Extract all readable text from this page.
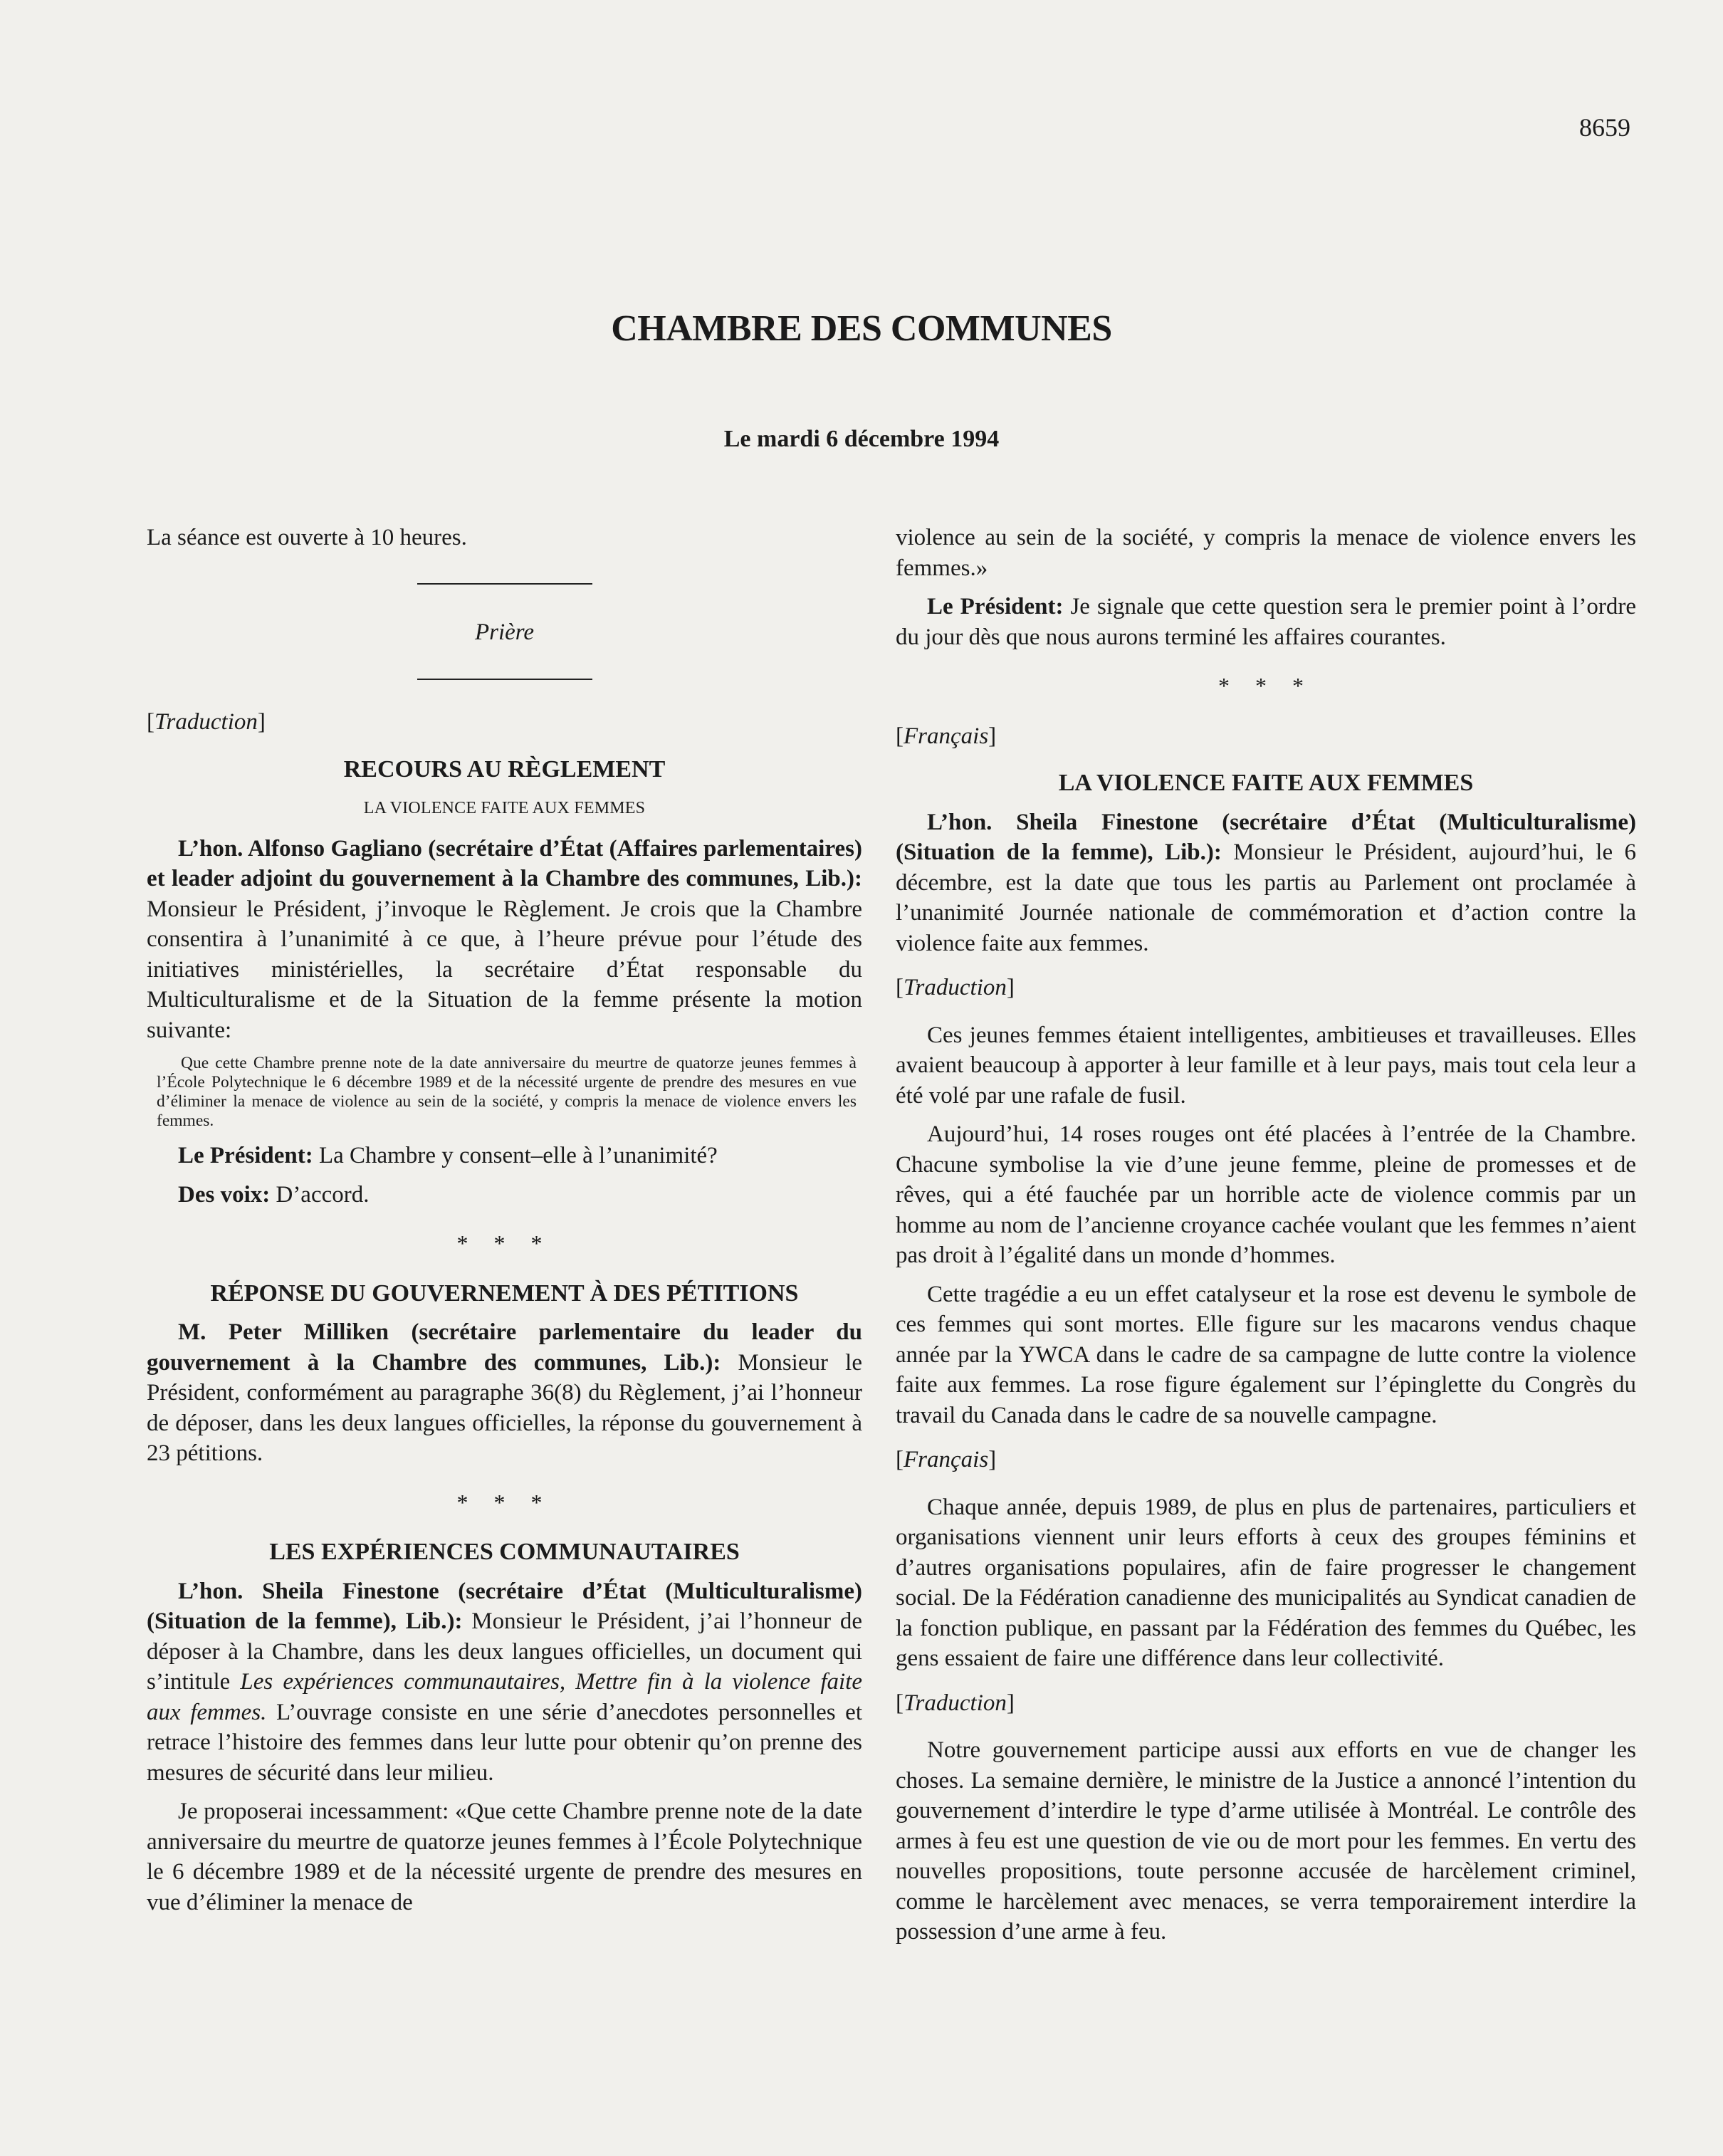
8659
CHAMBRE DES COMMUNES
Le mardi 6 décembre 1994

La séance est ouverte à 10 heures.

Prière

[Traduction]

RECOURS AU RÈGLEMENT
LA VIOLENCE FAITE AUX FEMMES

L’hon. Alfonso Gagliano (secrétaire d’État (Affaires parlementaires) et leader adjoint du gouvernement à la Chambre des communes, Lib.): Monsieur le Président, j’invoque le Règlement. Je crois que la Chambre consentira à l’unanimité à ce que, à l’heure prévue pour l’étude des initiatives ministérielles, la secrétaire d’État responsable du Multiculturalisme et de la Situation de la femme présente la motion suivante:

Que cette Chambre prenne note de la date anniversaire du meurtre de quatorze jeunes femmes à l’École Polytechnique le 6 décembre 1989 et de la nécessité urgente de prendre des mesures en vue d’éliminer la menace de violence au sein de la société, y compris la menace de violence envers les femmes.

Le Président: La Chambre y consent–elle à l’unanimité?

Des voix: D’accord.

* * *
RÉPONSE DU GOUVERNEMENT À DES PÉTITIONS

M. Peter Milliken (secrétaire parlementaire du leader du gouvernement à la Chambre des communes, Lib.): Monsieur le Président, conformément au paragraphe 36(8) du Règlement, j’ai l’honneur de déposer, dans les deux langues officielles, la réponse du gouvernement à 23 pétitions.

* * *
LES EXPÉRIENCES COMMUNAUTAIRES

L’hon. Sheila Finestone (secrétaire d’État (Multiculturalisme) (Situation de la femme), Lib.): Monsieur le Président, j’ai l’honneur de déposer à la Chambre, dans les deux langues officielles, un document qui s’intitule Les expériences communautaires, Mettre fin à la violence faite aux femmes. L’ouvrage consiste en une série d’anecdotes personnelles et retrace l’histoire des femmes dans leur lutte pour obtenir qu’on prenne des mesures de sécurité dans leur milieu.

Je proposerai incessamment: «Que cette Chambre prenne note de la date anniversaire du meurtre de quatorze jeunes femmes à l’École Polytechnique le 6 décembre 1989 et de la nécessité urgente de prendre des mesures en vue d’éliminer la menace de

violence au sein de la société, y compris la menace de violence envers les femmes.»

Le Président: Je signale que cette question sera le premier point à l’ordre du jour dès que nous aurons terminé les affaires courantes.

* * *

[Français]

LA VIOLENCE FAITE AUX FEMMES

L’hon. Sheila Finestone (secrétaire d’État (Multiculturalisme) (Situation de la femme), Lib.): Monsieur le Président, aujourd’hui, le 6 décembre, est la date que tous les partis au Parlement ont proclamée à l’unanimité Journée nationale de commémoration et d’action contre la violence faite aux femmes.

[Traduction]

Ces jeunes femmes étaient intelligentes, ambitieuses et travailleuses. Elles avaient beaucoup à apporter à leur famille et à leur pays, mais tout cela leur a été volé par une rafale de fusil.

Aujourd’hui, 14 roses rouges ont été placées à l’entrée de la Chambre. Chacune symbolise la vie d’une jeune femme, pleine de promesses et de rêves, qui a été fauchée par un horrible acte de violence commis par un homme au nom de l’ancienne croyance cachée voulant que les femmes n’aient pas droit à l’égalité dans un monde d’hommes.

Cette tragédie a eu un effet catalyseur et la rose est devenu le symbole de ces femmes qui sont mortes. Elle figure sur les macarons vendus chaque année par la YWCA dans le cadre de sa campagne de lutte contre la violence faite aux femmes. La rose figure également sur l’épinglette du Congrès du travail du Canada dans le cadre de sa nouvelle campagne.

[Français]

Chaque année, depuis 1989, de plus en plus de partenaires, particuliers et organisations viennent unir leurs efforts à ceux des groupes féminins et d’autres organisations populaires, afin de faire progresser le changement social. De la Fédération canadienne des municipalités au Syndicat canadien de la fonction publique, en passant par la Fédération des femmes du Québec, les gens essaient de faire une différence dans leur collectivité.

[Traduction]

Notre gouvernement participe aussi aux efforts en vue de changer les choses. La semaine dernière, le ministre de la Justice a annoncé l’intention du gouvernement d’interdire le type d’arme utilisée à Montréal. Le contrôle des armes à feu est une question de vie ou de mort pour les femmes. En vertu des nouvelles propositions, toute personne accusée de harcèlement criminel, comme le harcèlement avec menaces, se verra temporairement interdire la possession d’une arme à feu.
